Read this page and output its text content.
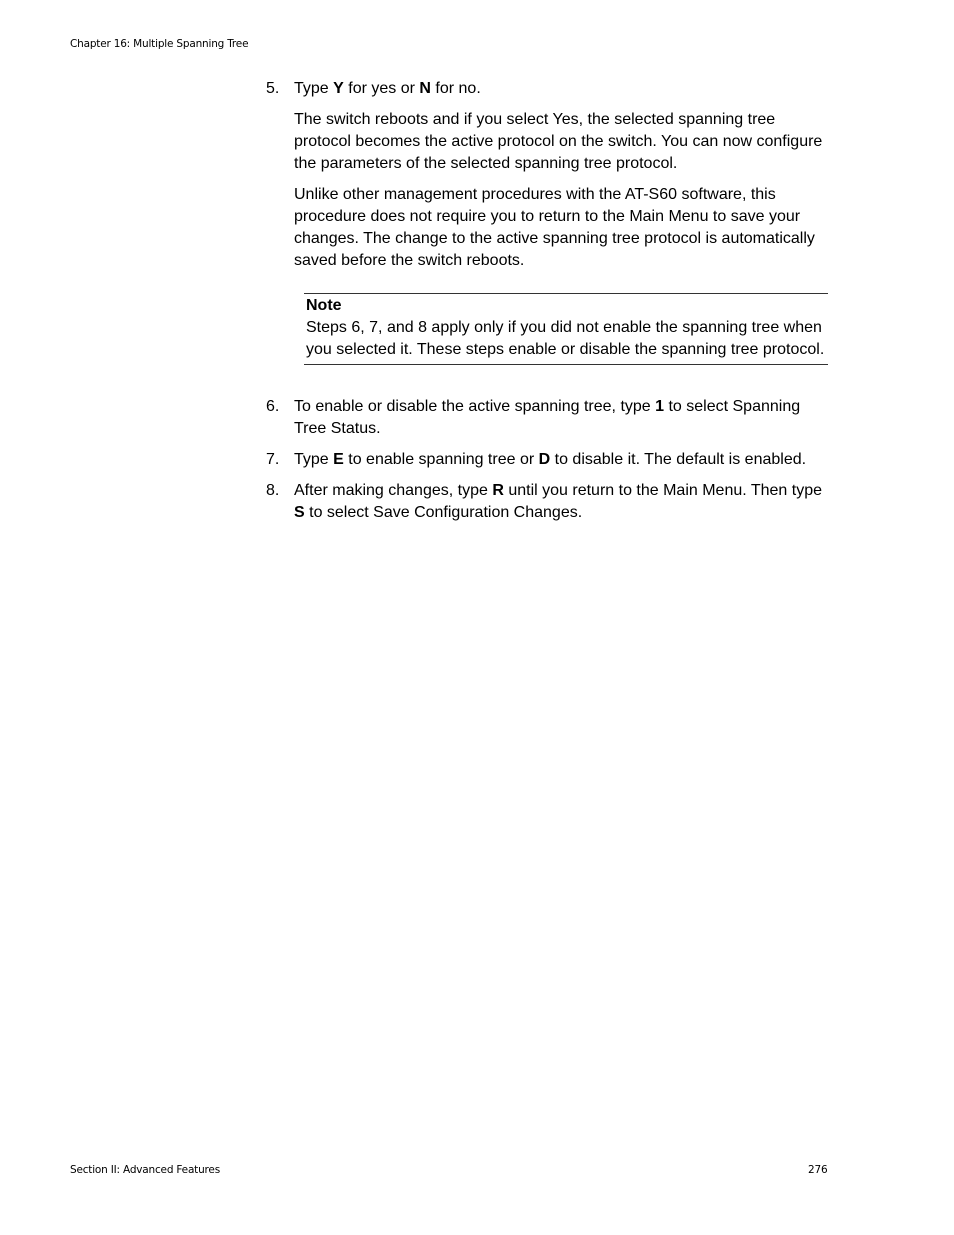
Chapter 16: Multiple Spanning Tree
5. Type Y for yes or N for no.

The switch reboots and if you select Yes, the selected spanning tree protocol becomes the active protocol on the switch. You can now configure the parameters of the selected spanning tree protocol.

Unlike other management procedures with the AT-S60 software, this procedure does not require you to return to the Main Menu to save your changes. The change to the active spanning tree protocol is automatically saved before the switch reboots.

Note
Steps 6, 7, and 8 apply only if you did not enable the spanning tree when you selected it. These steps enable or disable the spanning tree protocol.
6. To enable or disable the active spanning tree, type 1 to select Spanning Tree Status.
7. Type E to enable spanning tree or D to disable it. The default is enabled.
8. After making changes, type R until you return to the Main Menu. Then type S to select Save Configuration Changes.
Section II: Advanced Features	276
